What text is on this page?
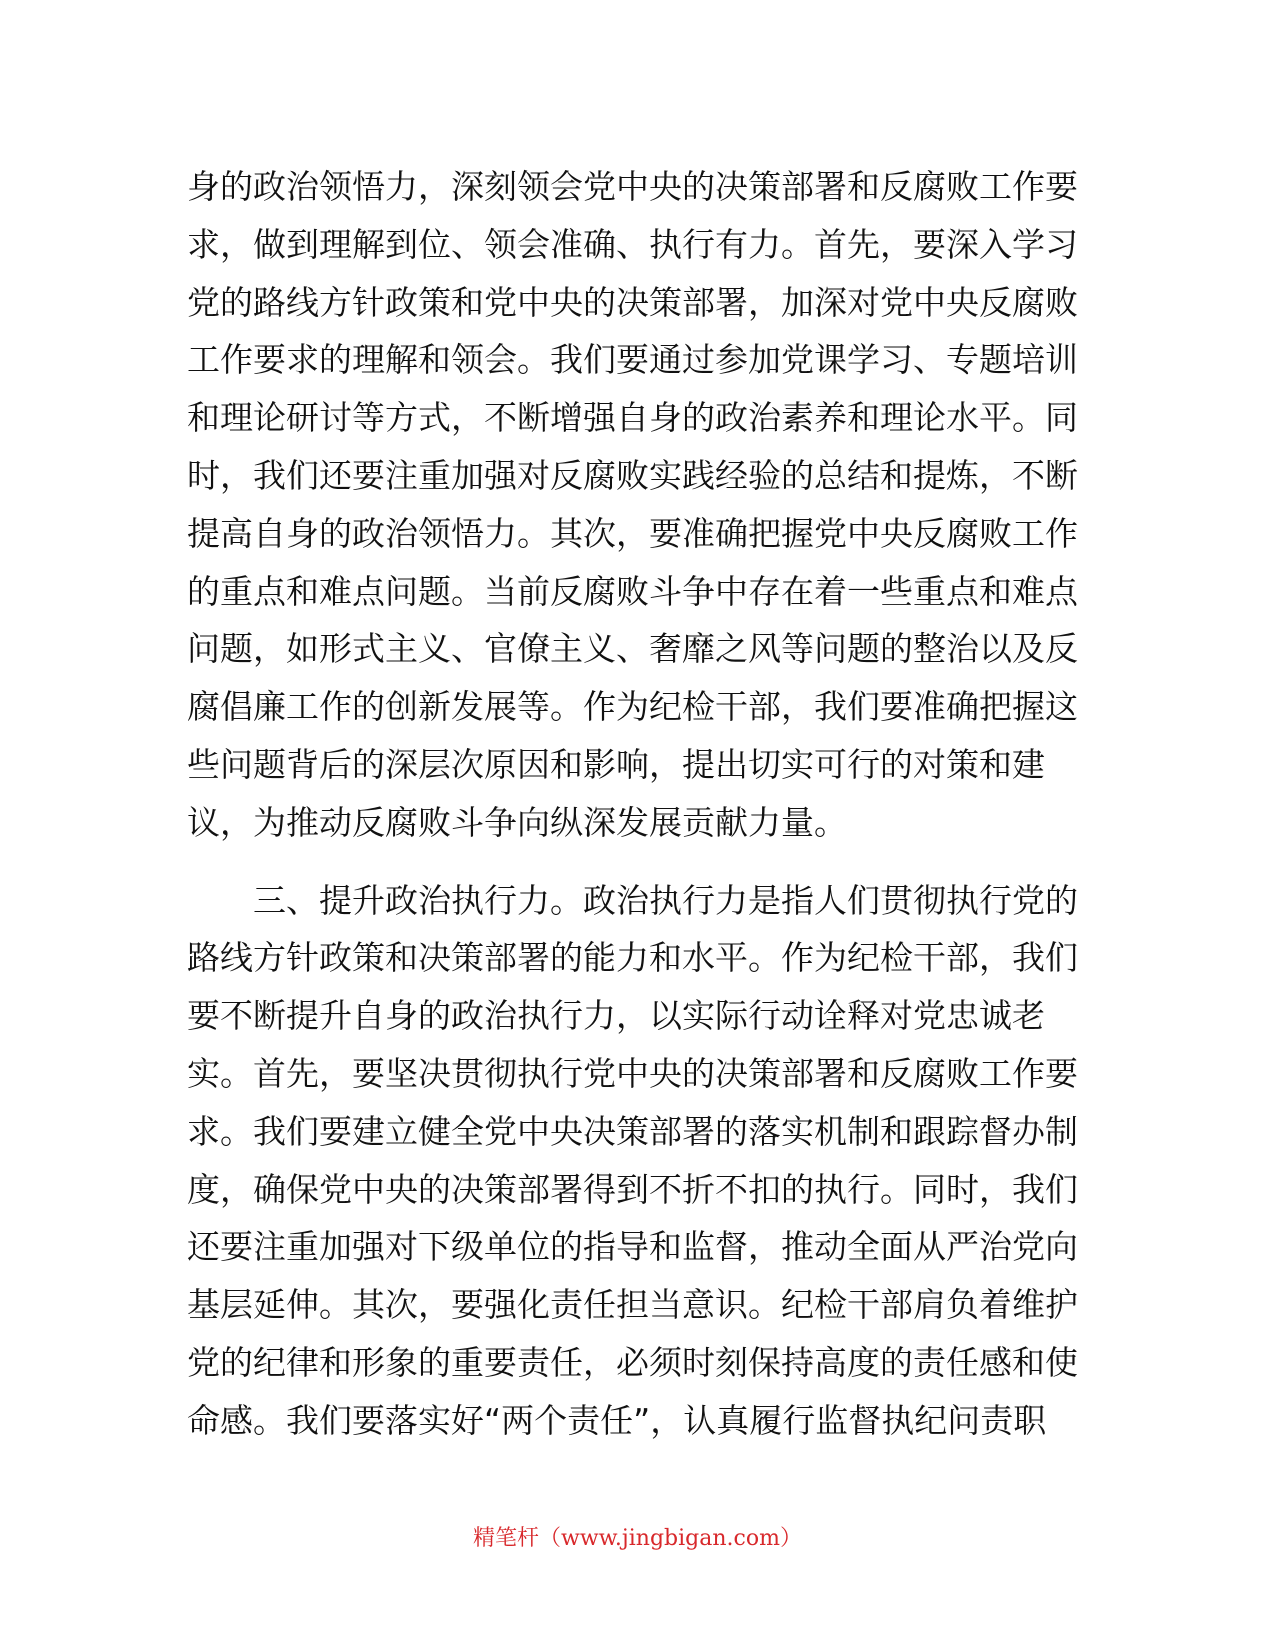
身的政治领悟力，深刻领会党中央的决策部署和反腐败工作要
求，做到理解到位、领会准确、执行有力。首先，要深入学习
党的路线方针政策和党中央的决策部署，加深对党中央反腐败
工作要求的理解和领会。我们要通过参加党课学习、专题培训
和理论研讨等方式，不断增强自身的政治素养和理论水平。同
时，我们还要注重加强对反腐败实践经验的总结和提炼，不断
提高自身的政治领悟力。其次，要准确把握党中央反腐败工作
的重点和难点问题。当前反腐败斗争中存在着一些重点和难点
问题，如形式主义、官僚主义、奢靡之风等问题的整治以及反
腐倡廉工作的创新发展等。作为纪检干部，我们要准确把握这
些问题背后的深层次原因和影响，提出切实可行的对策和建
议，为推动反腐败斗争向纵深发展贡献力量。
　　三、提升政治执行力。政治执行力是指人们贯彻执行党的
路线方针政策和决策部署的能力和水平。作为纪检干部，我们
要不断提升自身的政治执行力，以实际行动诠释对党忠诚老
实。首先，要坚决贯彻执行党中央的决策部署和反腐败工作要
求。我们要建立健全党中央决策部署的落实机制和跟踪督办制
度，确保党中央的决策部署得到不折不扣的执行。同时，我们
还要注重加强对下级单位的指导和监督，推动全面从严治党向
基层延伸。其次，要强化责任担当意识。纪检干部肩负着维护
党的纪律和形象的重要责任，必须时刻保持高度的责任感和使
命感。我们要落实好“两个责任”，认真履行监督执纪问责职
精笔杆（www.jingbigan.com）
